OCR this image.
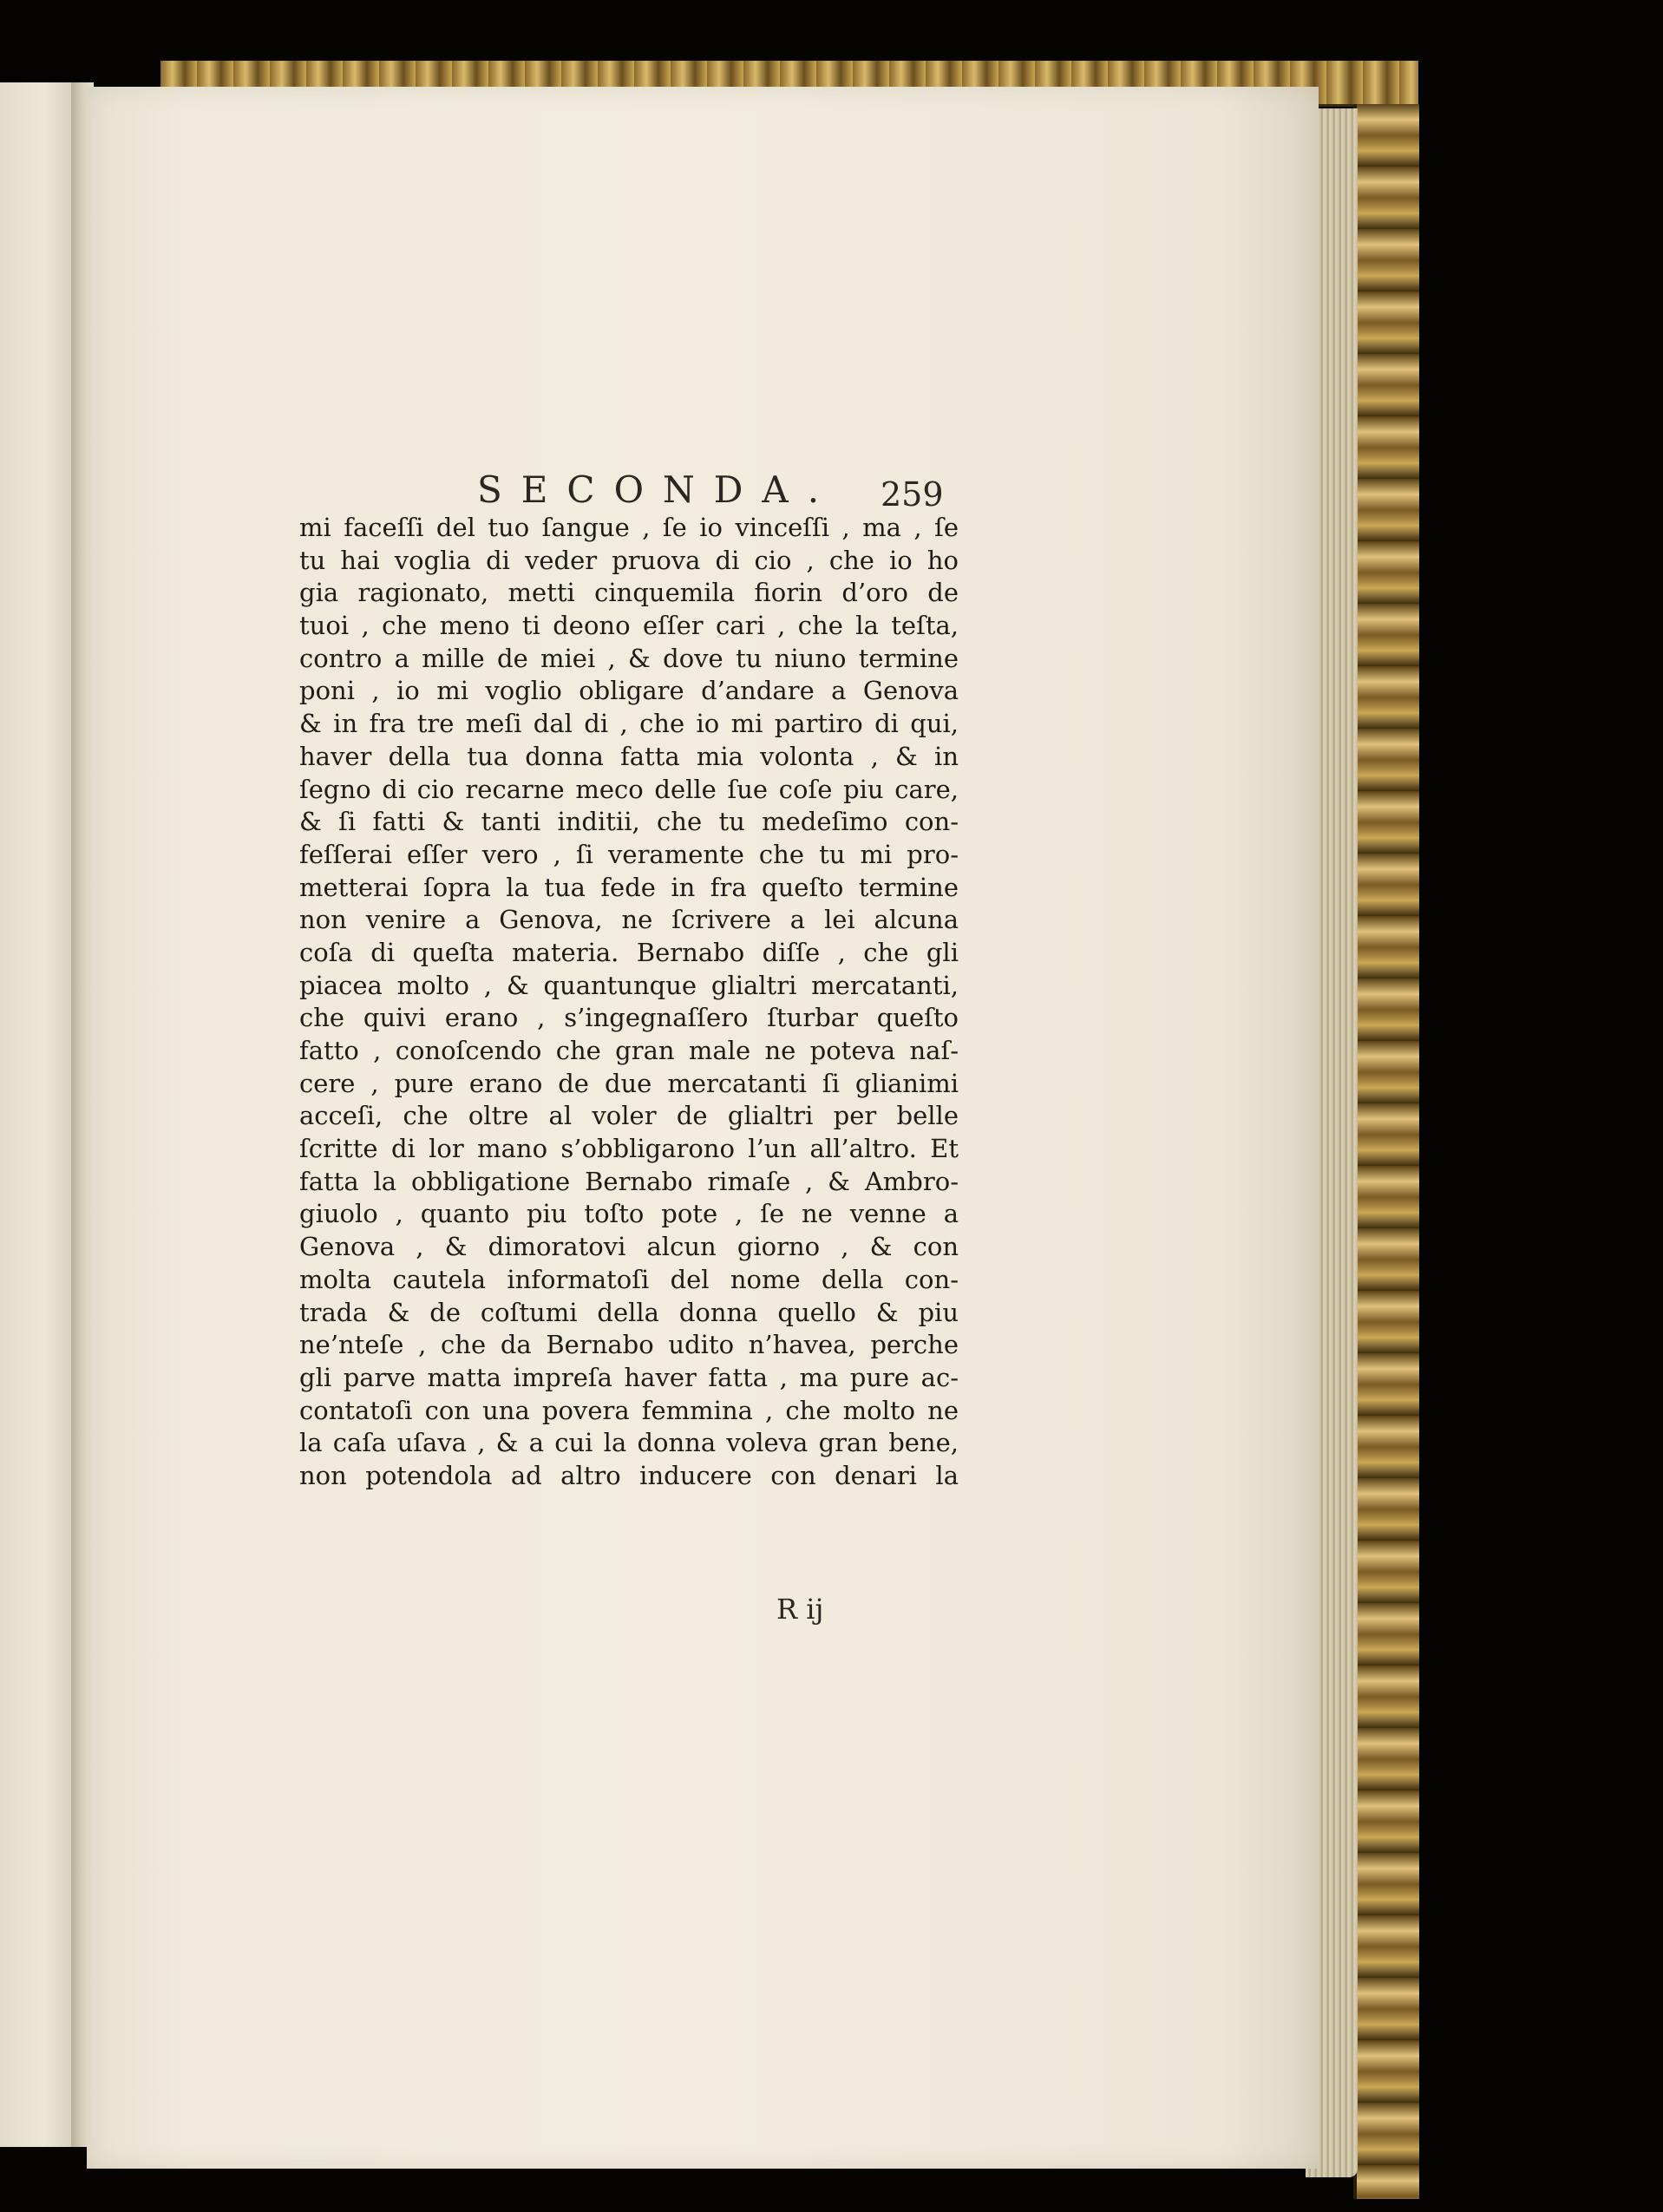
SECONDA. 259
mi faceſſi del tuo ſangue , ſe io vinceſſi , ma , ſe
tu hai voglia di veder pruova di cio , che io ho
gia ragionato, metti cinquemila fiorin d’oro de
tuoi , che meno ti deono eſſer cari , che la teſta,
contro a mille de miei , & dove tu niuno termine
poni , io mi voglio obligare d’andare a Genova
& in fra tre meſi dal di , che io mi partiro di qui,
haver della tua donna fatta mia volonta , & in
ſegno di cio recarne meco delle ſue coſe piu care,
& ſi fatti & tanti inditii, che tu medeſimo con-
feſſerai eſſer vero , ſi veramente che tu mi pro-
metterai ſopra la tua fede in fra queſto termine
non venire a Genova, ne ſcrivere a lei alcuna
coſa di queſta materia. Bernabo diſſe , che gli
piacea molto , & quantunque glialtri mercatanti,
che quivi erano , s’ingegnaſſero ſturbar queſto
fatto , conoſcendo che gran male ne poteva naſ-
cere , pure erano de due mercatanti ſi glianimi
acceſi, che oltre al voler de glialtri per belle
ſcritte di lor mano s’obbligarono l’un all’altro. Et
fatta la obbligatione Bernabo rimaſe , & Ambro-
giuolo , quanto piu toſto pote , ſe ne venne a
Genova , & dimoratovi alcun giorno , & con
molta cautela informatoſi del nome della con-
trada & de coſtumi della donna quello & piu
ne’nteſe , che da Bernabo udito n’havea, perche
gli parve matta impreſa haver fatta , ma pure ac-
contatoſi con una povera femmina , che molto ne
la caſa uſava , & a cui la donna voleva gran bene,
non potendola ad altro inducere con denari la
R ij
